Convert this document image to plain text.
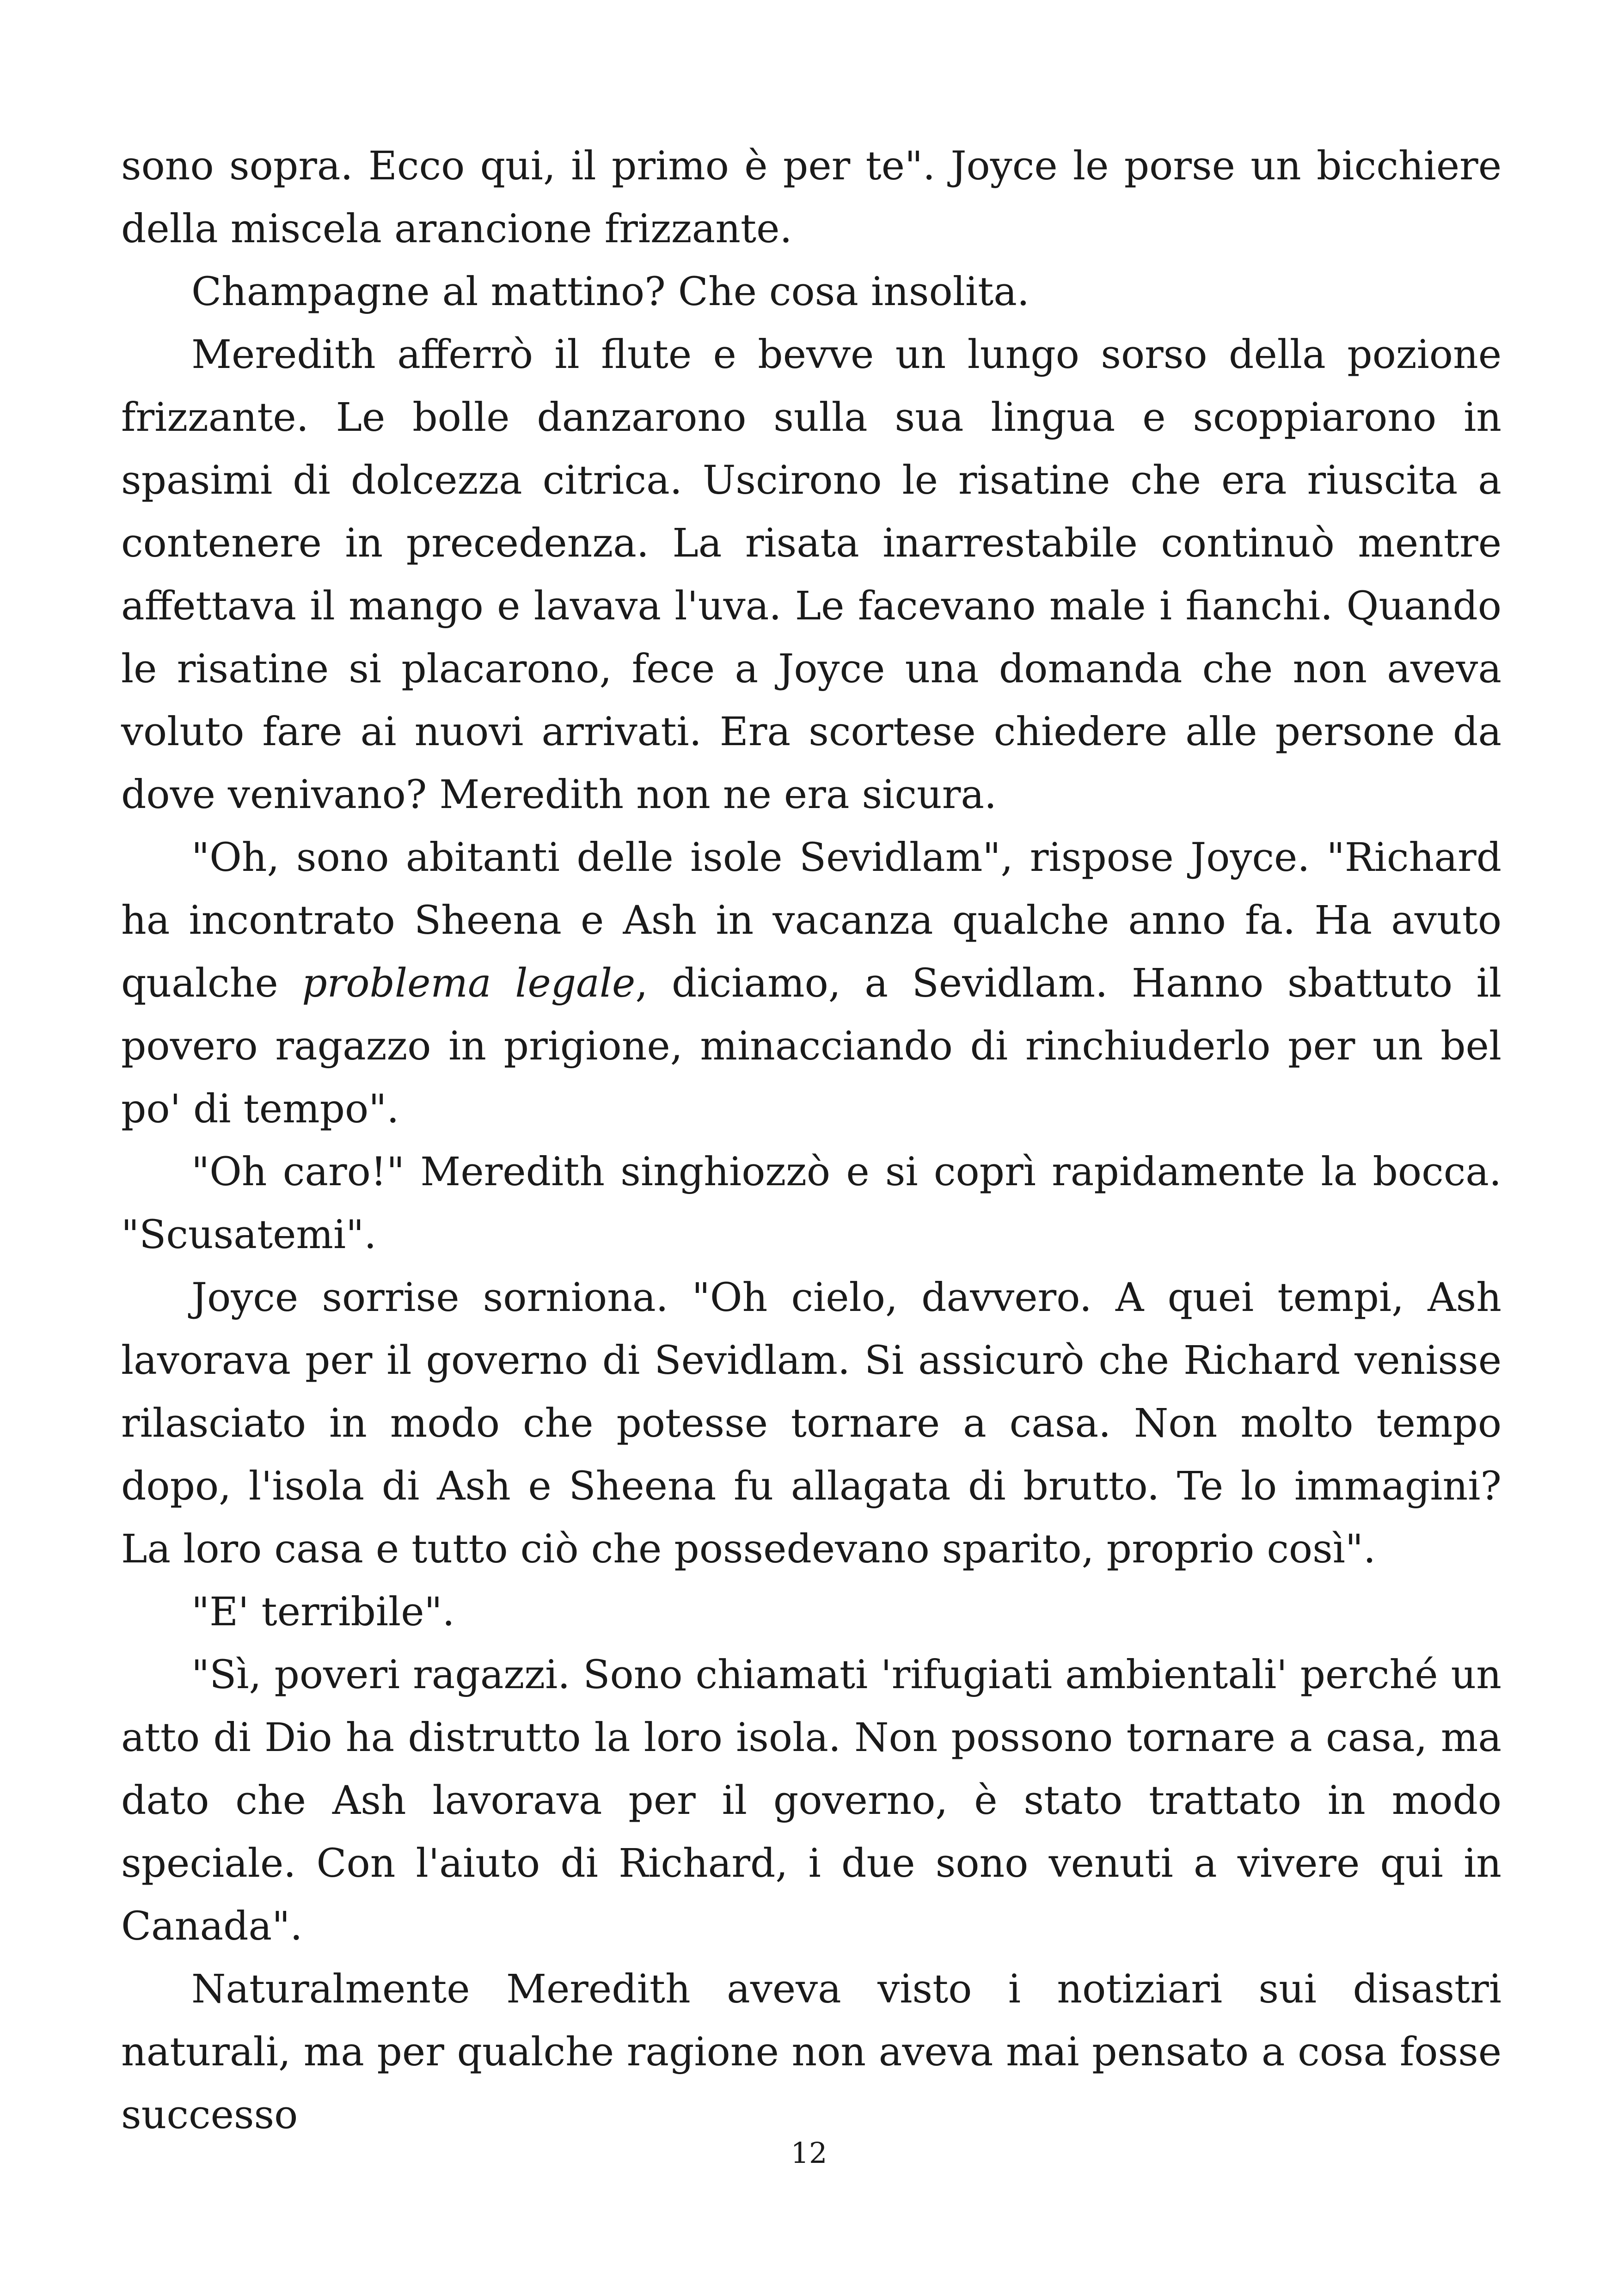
sono sopra. Ecco qui, il primo è per te". Joyce le porse un bicchiere della miscela arancione frizzante.

Champagne al mattino? Che cosa insolita.

Meredith afferrò il flute e bevve un lungo sorso della pozione frizzante. Le bolle danzarono sulla sua lingua e scoppiarono in spasimi di dolcezza citrica. Uscirono le risatine che era riuscita a contenere in precedenza. La risata inarrestabile continuò mentre affettava il mango e lavava l'uva. Le facevano male i fianchi. Quando le risatine si placarono, fece a Joyce una domanda che non aveva voluto fare ai nuovi arrivati. Era scortese chiedere alle persone da dove venivano? Meredith non ne era sicura.

"Oh, sono abitanti delle isole Sevidlam", rispose Joyce. "Richard ha incontrato Sheena e Ash in vacanza qualche anno fa. Ha avuto qualche problema legale, diciamo, a Sevidlam. Hanno sbattuto il povero ragazzo in prigione, minacciando di rinchiuderlo per un bel po' di tempo".

"Oh caro!" Meredith singhiozzò e si coprì rapidamente la bocca. "Scusatemi".

Joyce sorrise sorniona. "Oh cielo, davvero. A quei tempi, Ash lavorava per il governo di Sevidlam. Si assicurò che Richard venisse rilasciato in modo che potesse tornare a casa. Non molto tempo dopo, l'isola di Ash e Sheena fu allagata di brutto. Te lo immagini? La loro casa e tutto ciò che possedevano sparito, proprio così".

"E' terribile".

"Sì, poveri ragazzi. Sono chiamati 'rifugiati ambientali' perché un atto di Dio ha distrutto la loro isola. Non possono tornare a casa, ma dato che Ash lavorava per il governo, è stato trattato in modo speciale. Con l'aiuto di Richard, i due sono venuti a vivere qui in Canada".

Naturalmente Meredith aveva visto i notiziari sui disastri naturali, ma per qualche ragione non aveva mai pensato a cosa fosse successo

12
